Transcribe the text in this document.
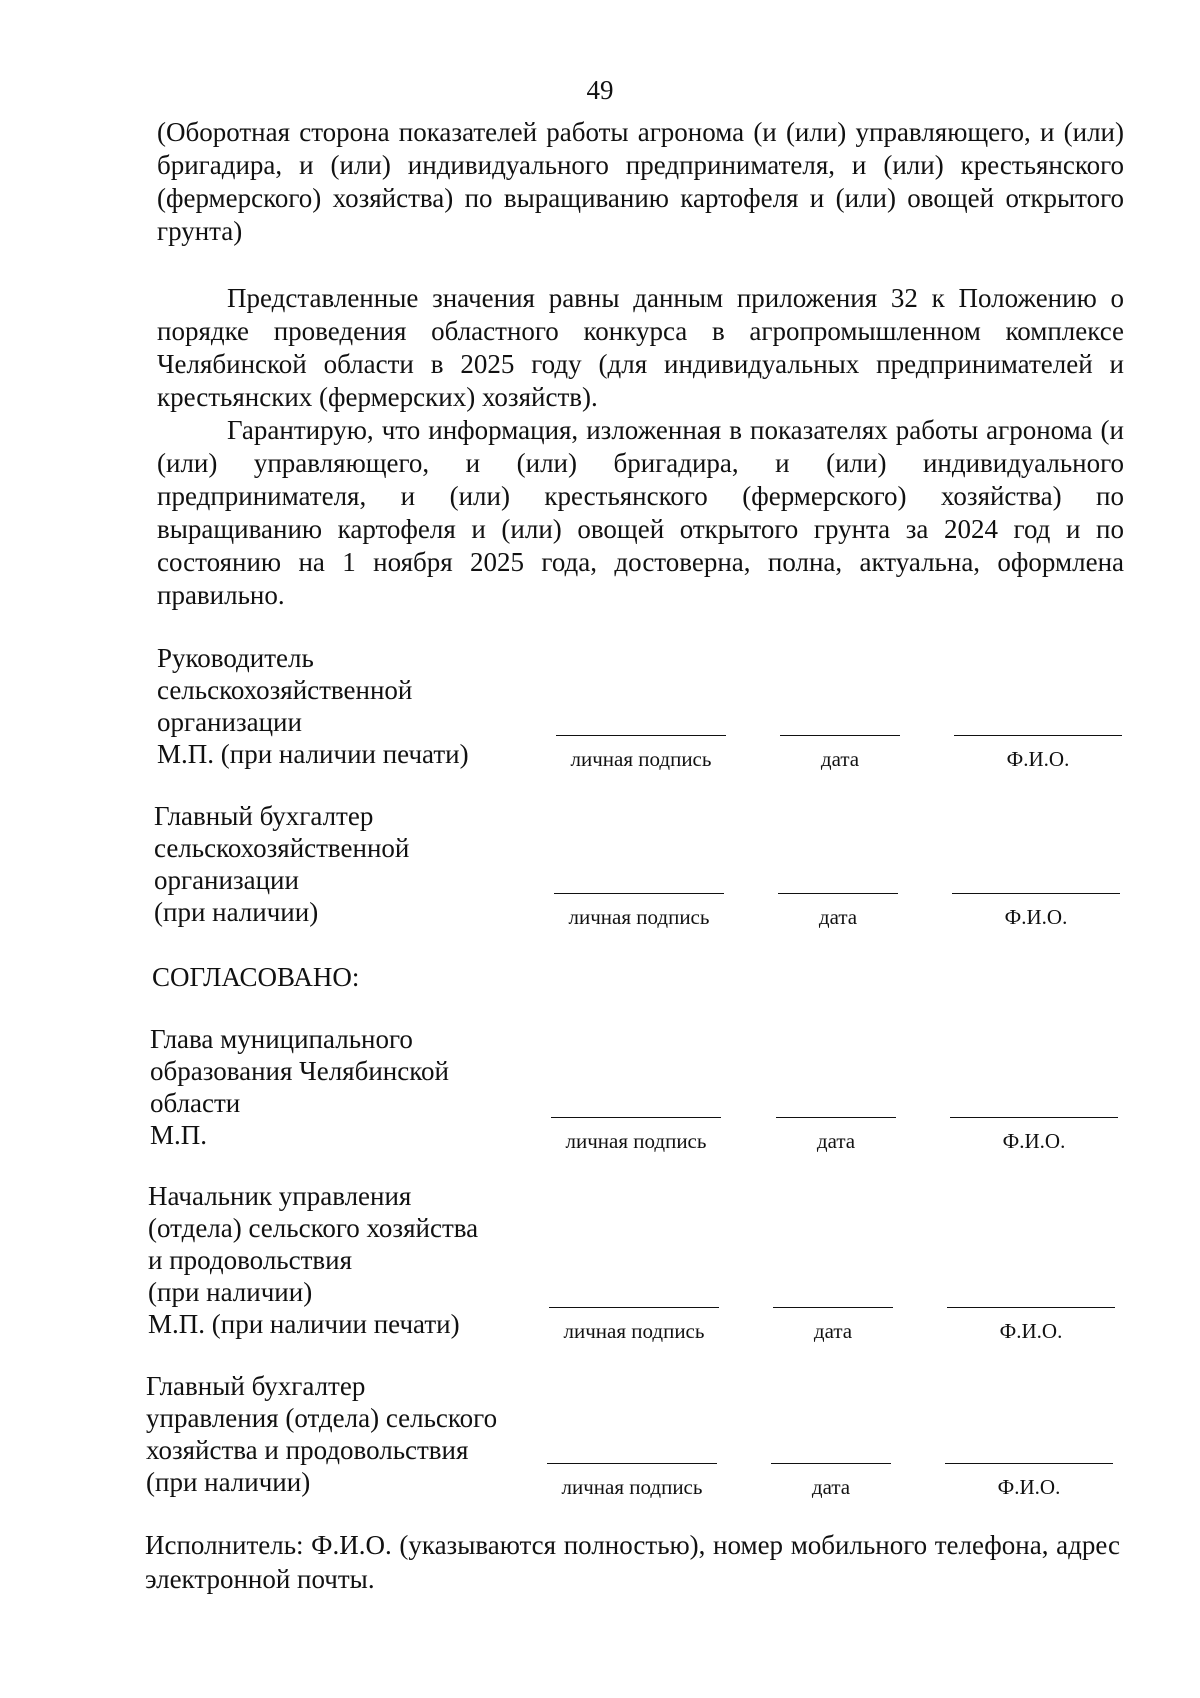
49

(Оборотная сторона показателей работы агронома (и (или) управляющего, и (или) бригадира, и (или) индивидуального предпринимателя, и (или) крестьянского (фермерского) хозяйства) по выращиванию картофеля и (или) овощей открытого грунта)

Представленные значения равны данным приложения 32 к Положению о порядке проведения областного конкурса в агропромышленном комплексе Челябинской области в 2025 году (для индивидуальных предпринимателей и крестьянских (фермерских) хозяйств).

Гарантирую, что информация, изложенная в показателях работы агронома (и (или) управляющего, и (или) бригадира, и (или) индивидуального предпринимателя, и (или) крестьянского (фермерского) хозяйства) по выращиванию картофеля и (или) овощей открытого грунта за 2024 год и по состоянию на 1 ноября 2025 года, достоверна, полна, актуальна, оформлена правильно.

Руководитель
сельскохозяйственной
организации
М.П. (при наличии печати)	личная подпись	дата	Ф.И.О.
Главный бухгалтер
сельскохозяйственной
организации
(при наличии)	личная подпись	дата	Ф.И.О.
СОГЛАСОВАНО:
Глава муниципального
образования Челябинской
области
М.П.	личная подпись	дата	Ф.И.О.
Начальник управления
(отдела) сельского хозяйства
и продовольствия
(при наличии)
М.П. (при наличии печати)	личная подпись	дата	Ф.И.О.
Главный бухгалтер
управления (отдела) сельского
хозяйства и продовольствия
(при наличии)	личная подпись	дата	Ф.И.О.

Исполнитель: Ф.И.О. (указываются полностью), номер мобильного телефона, адрес электронной почты.
